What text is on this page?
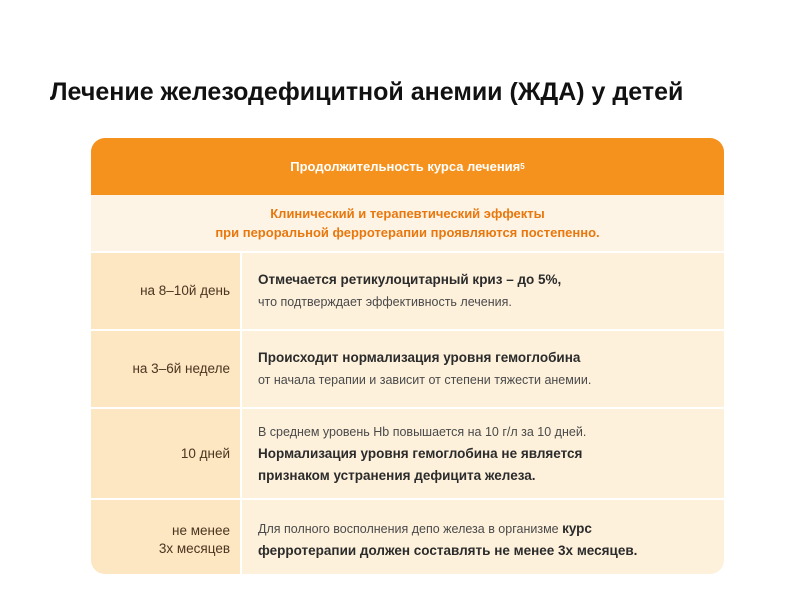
Лечение железодефицитной анемии (ЖДА) у детей
Продолжительность курса лечения 5
Клинический и терапевтический эффекты
при пероральной ферротерапии проявляются постепенно.
на 8–10й день
Отмечается ретикулоцитарный криз – до 5%,
что подтверждает эффективность лечения.
на 3–6й неделе
Происходит нормализация уровня гемоглобина
от начала терапии и зависит от степени тяжести анемии.
10 дней
В среднем уровень Hb повышается на 10 г/л за 10 дней.
Нормализация уровня гемоглобина не является
признаком устранения дефицита железа.
не менее
3х месяцев
Для полного восполнения депо железа в организме курс
ферротерапии должен составлять не менее 3х месяцев.
